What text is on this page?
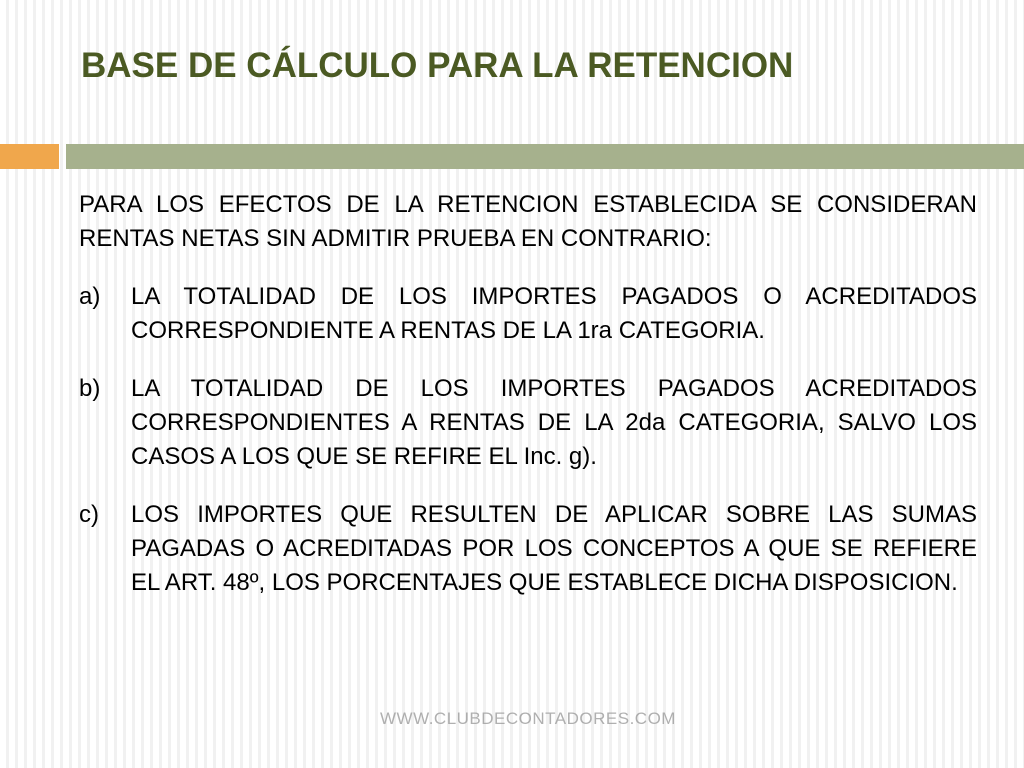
BASE DE CÁLCULO PARA LA RETENCION

PARA LOS EFECTOS DE LA RETENCION ESTABLECIDA SE CONSIDERAN RENTAS NETAS SIN ADMITIR PRUEBA EN CONTRARIO:

a)	LA TOTALIDAD DE LOS IMPORTES PAGADOS O ACREDITADOS CORRESPONDIENTE A RENTAS DE LA 1ra CATEGORIA.
b)	LA TOTALIDAD DE LOS IMPORTES PAGADOS ACREDITADOS CORRESPONDIENTES A RENTAS DE LA 2da CATEGORIA, SALVO LOS CASOS A LOS QUE SE REFIRE EL Inc. g).
c)	LOS IMPORTES QUE RESULTEN DE APLICAR SOBRE LAS SUMAS PAGADAS O ACREDITADAS POR LOS CONCEPTOS A QUE SE REFIERE EL ART. 48º, LOS PORCENTAJES QUE ESTABLECE DICHA DISPOSICION.
WWW.CLUBDECONTADORES.COM
